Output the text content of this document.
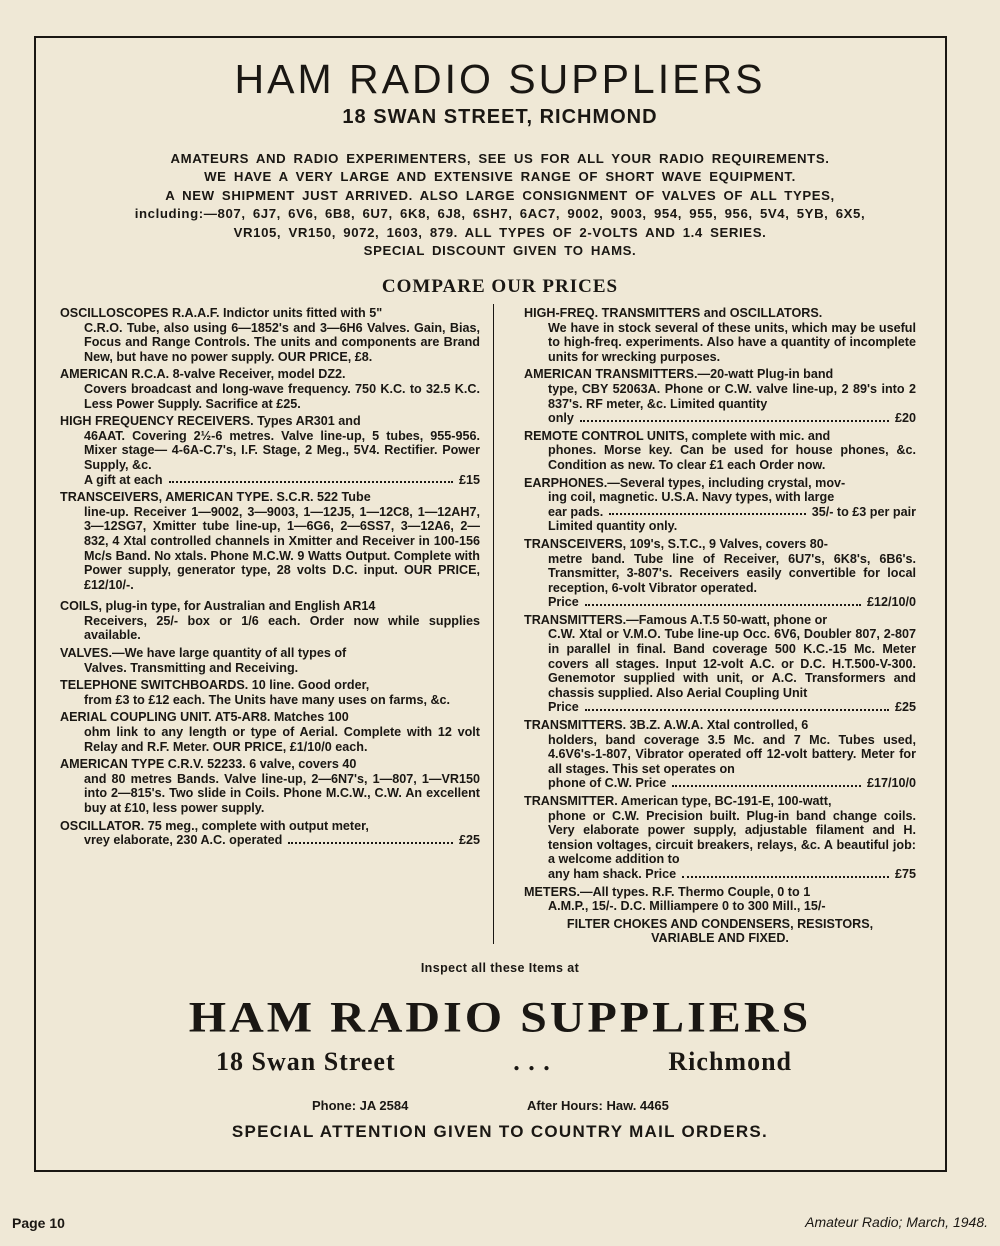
HAM RADIO SUPPLIERS
18 SWAN STREET, RICHMOND
AMATEURS AND RADIO EXPERIMENTERS, SEE US FOR ALL YOUR RADIO REQUIREMENTS.
WE HAVE A VERY LARGE AND EXTENSIVE RANGE OF SHORT WAVE EQUIPMENT.
A NEW SHIPMENT JUST ARRIVED. ALSO LARGE CONSIGNMENT OF VALVES OF ALL TYPES,
including:—807, 6J7, 6V6, 6B8, 6U7, 6K8, 6J8, 6SH7, 6AC7, 9002, 9003, 954, 955, 956, 5V4, 5YB, 6X5,
VR105, VR150, 9072, 1603, 879. ALL TYPES OF 2-VOLTS AND 1.4 SERIES.
SPECIAL DISCOUNT GIVEN TO HAMS.
COMPARE OUR PRICES
OSCILLOSCOPES R.A.A.F. Indictor units fitted with 5"
C.R.O. Tube, also using 6—1852's and 3—6H6 Valves. Gain, Bias, Focus and Range Controls. The units and components are Brand New, but have no power supply. OUR PRICE, £8.
AMERICAN R.C.A. 8-valve Receiver, model DZ2.
Covers broadcast and long-wave frequency. 750 K.C. to 32.5 K.C. Less Power Supply. Sacrifice at £25.
HIGH FREQUENCY RECEIVERS. Types AR301 and
46AAT. Covering 2½-6 metres. Valve line-up, 5 tubes, 955-956. Mixer stage— 4-6A-C.7's, I.F. Stage, 2 Meg., 5V4. Rectifier. Power Supply, &c.
A gift at each	£15
TRANSCEIVERS, AMERICAN TYPE. S.C.R. 522 Tube
line-up. Receiver 1—9002, 3—9003, 1—12J5, 1—12C8, 1—12AH7, 3—12SG7, Xmitter tube line-up, 1—6G6, 2—6SS7, 3—12A6, 2—832, 4 Xtal controlled channels in Xmitter and Receiver in 100-156 Mc/s Band. No xtals. Phone M.C.W. 9 Watts Output. Complete with Power supply, generator type, 28 volts D.C. input. OUR PRICE, £12/10/-.
COILS, plug-in type, for Australian and English AR14
Receivers, 25/- box or 1/6 each. Order now while supplies available.
VALVES.—We have large quantity of all types of
Valves. Transmitting and Receiving.
TELEPHONE SWITCHBOARDS. 10 line. Good order,
from £3 to £12 each. The Units have many uses on farms, &c.
AERIAL COUPLING UNIT. AT5-AR8. Matches 100
ohm link to any length or type of Aerial. Complete with 12 volt Relay and R.F. Meter. OUR PRICE, £1/10/0 each.
AMERICAN TYPE C.R.V. 52233. 6 valve, covers 40
and 80 metres Bands. Valve line-up, 2—6N7's, 1—807, 1—VR150 into 2—815's. Two slide in Coils. Phone M.C.W., C.W. An excellent buy at £10, less power supply.
OSCILLATOR. 75 meg., complete with output meter,
vrey elaborate, 230 A.C. operated	£25
HIGH-FREQ. TRANSMITTERS and OSCILLATORS.
We have in stock several of these units, which may be useful to high-freq. experiments. Also have a quantity of incomplete units for wrecking purposes.
AMERICAN TRANSMITTERS.—20-watt Plug-in band
type, CBY 52063A. Phone or C.W. valve line-up, 2 89's into 2 837's. RF meter, &c. Limited quantity
only	£20
REMOTE CONTROL UNITS, complete with mic. and
phones. Morse key. Can be used for house phones, &c. Condition as new. To clear £1 each Order now.
EARPHONES.—Several types, including crystal, mov-
ing coil, magnetic. U.S.A. Navy types, with large
ear pads.	35/- to £3 per pair
Limited quantity only.
TRANSCEIVERS, 109's, S.T.C., 9 Valves, covers 80-
metre band. Tube line of Receiver, 6U7's, 6K8's, 6B6's. Transmitter, 3-807's. Receivers easily convertible for local reception, 6-volt Vibrator operated.
Price	£12/10/0
TRANSMITTERS.—Famous A.T.5 50-watt, phone or
C.W. Xtal or V.M.O. Tube line-up Occ. 6V6, Doubler 807, 2-807 in parallel in final. Band coverage 500 K.C.-15 Mc. Meter covers all stages. Input 12-volt A.C. or D.C. H.T.500-V-300. Genemotor supplied with unit, or A.C. Transformers and chassis supplied. Also Aerial Coupling Unit
Price	£25
TRANSMITTERS. 3B.Z. A.W.A. Xtal controlled, 6
holders, band coverage 3.5 Mc. and 7 Mc. Tubes used, 4.6V6's-1-807, Vibrator operated off 12-volt battery. Meter for all stages. This set operates on
phone of C.W. Price	£17/10/0
TRANSMITTER. American type, BC-191-E, 100-watt,
phone or C.W. Precision built. Plug-in band change coils. Very elaborate power supply, adjustable filament and H. tension voltages, circuit breakers, relays, &c. A beautiful job: a welcome addition to
any ham shack. Price	£75
METERS.—All types. R.F. Thermo Couple, 0 to 1
A.M.P., 15/-. D.C. Milliampere 0 to 300 Mill., 15/-
FILTER CHOKES AND CONDENSERS, RESISTORS,
VARIABLE AND FIXED.
Inspect all these Items at
HAM RADIO SUPPLIERS
18 Swan Street	. . .	Richmond
Phone: JA 2584	After Hours: Haw. 4465
SPECIAL ATTENTION GIVEN TO COUNTRY MAIL ORDERS.
Page 10	Amateur Radio; March, 1948.
